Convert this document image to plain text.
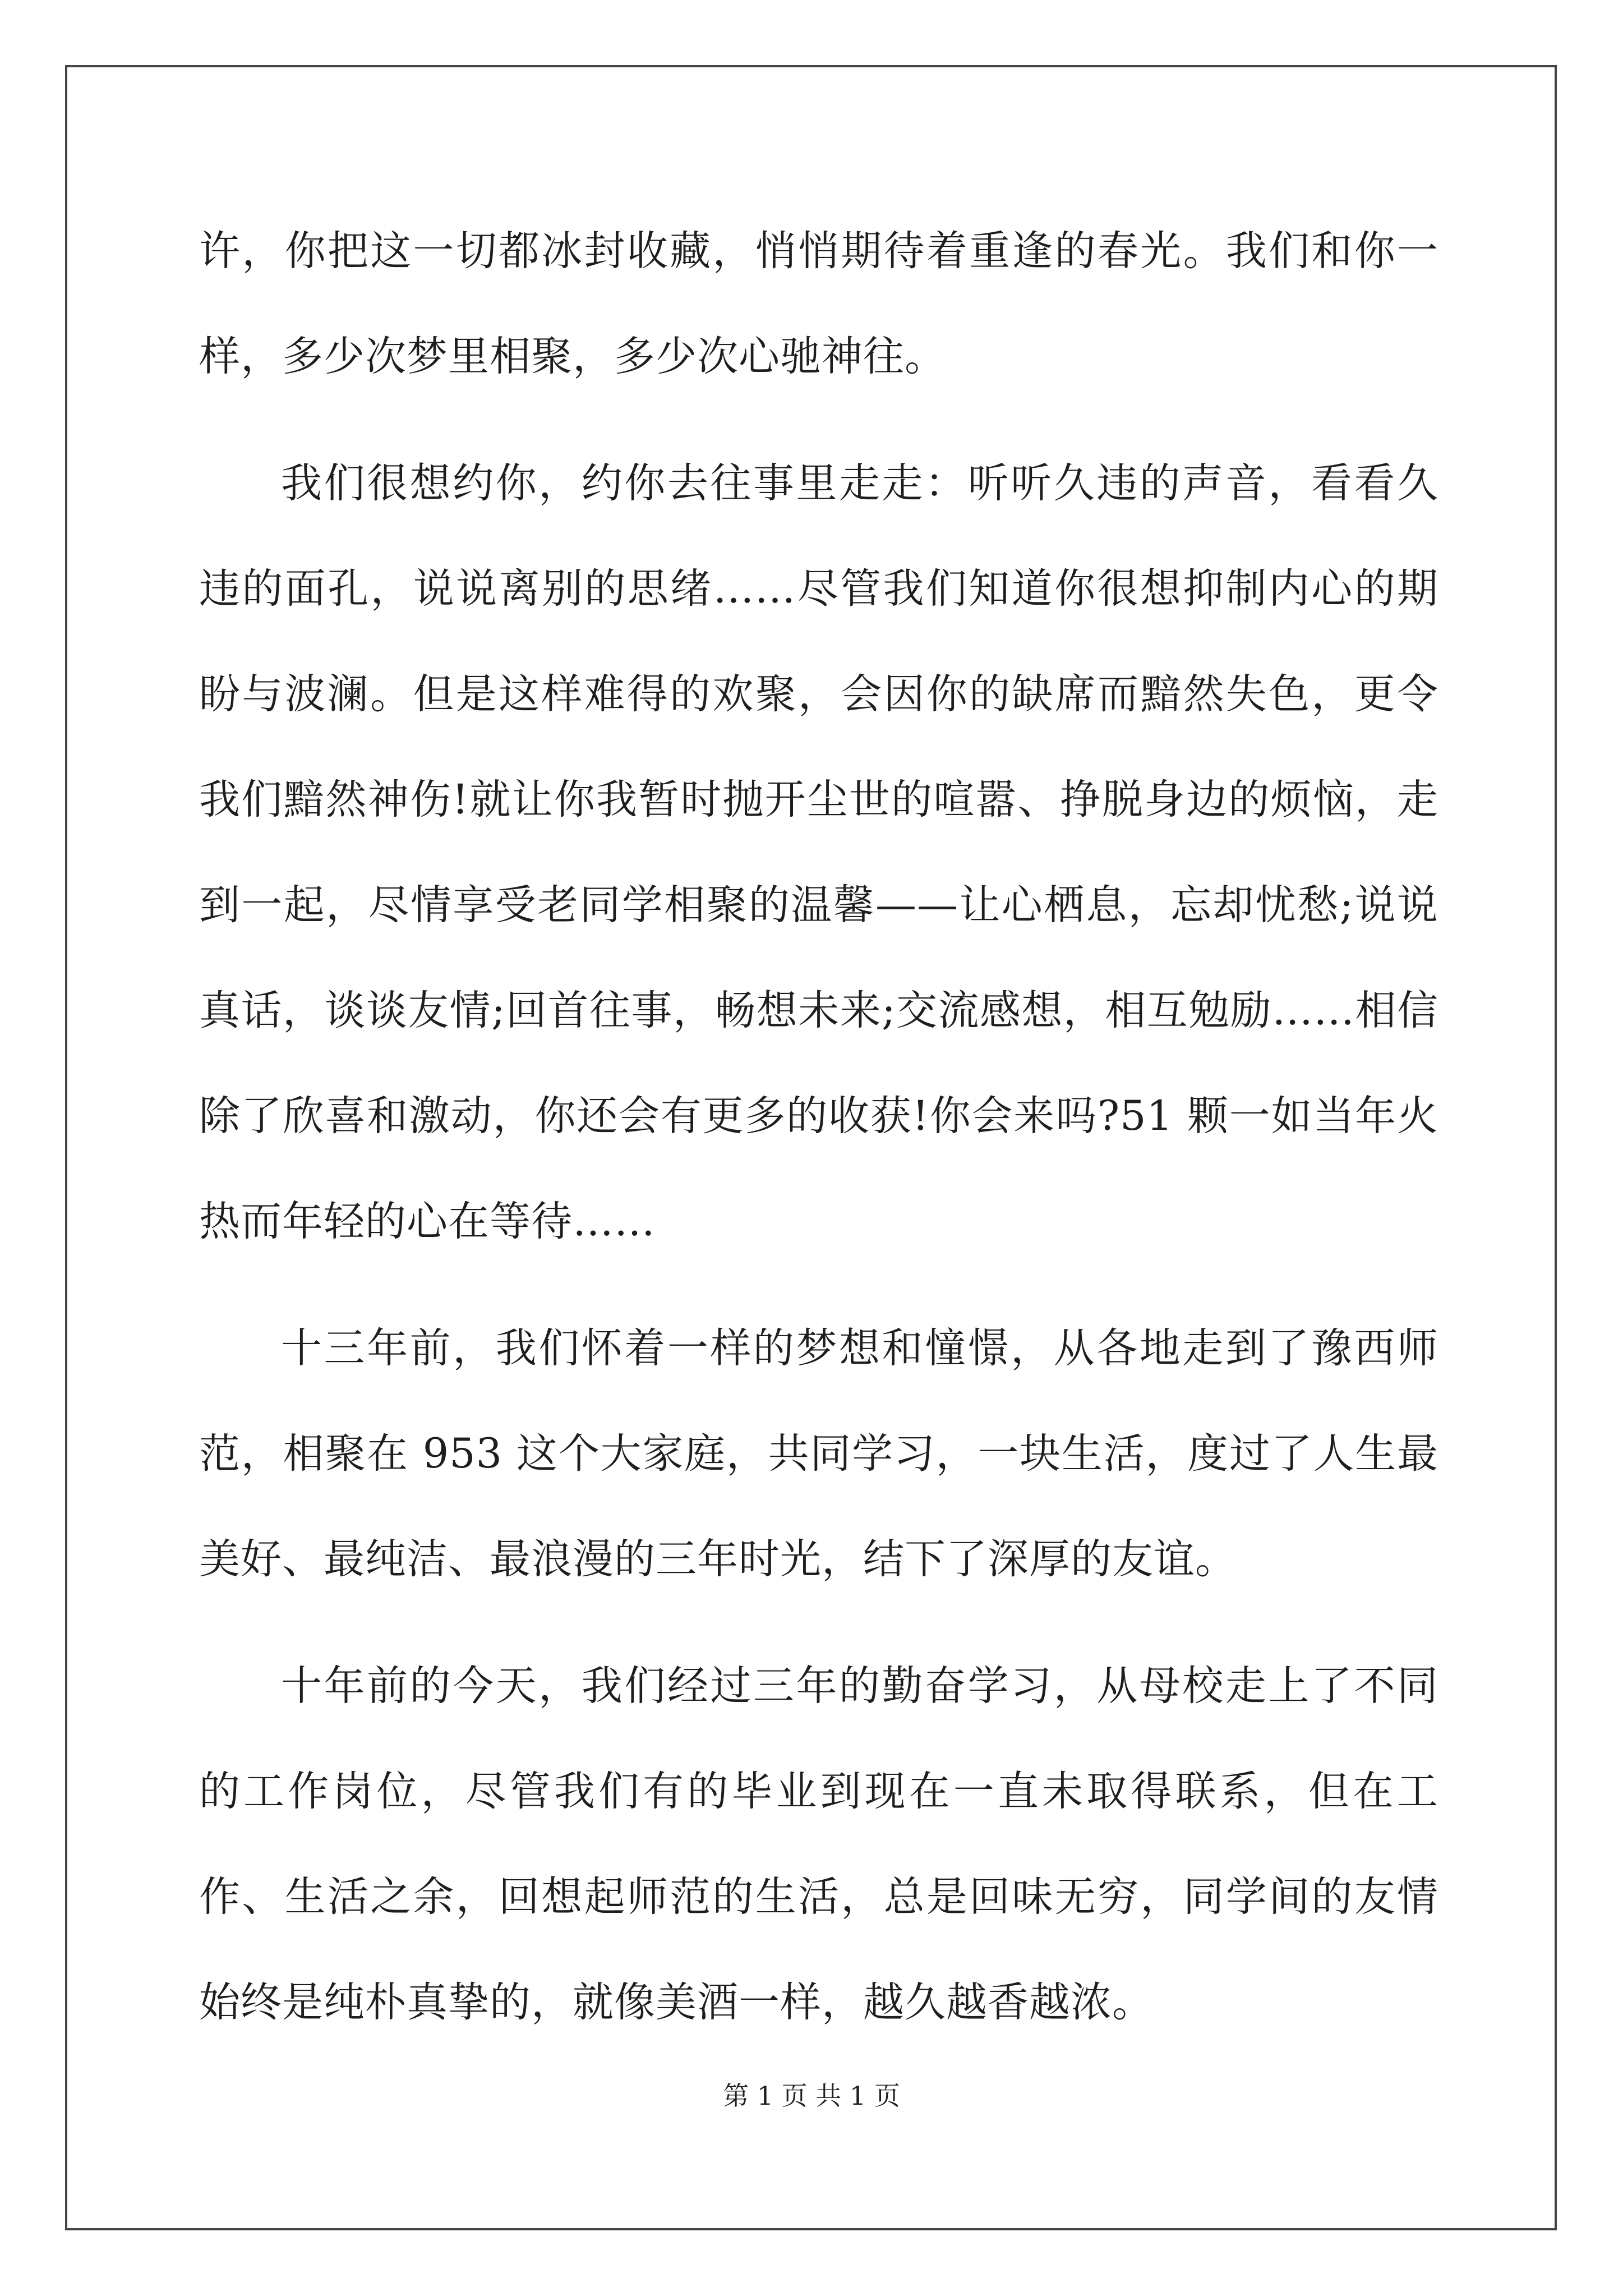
许，你把这一切都冰封收藏，悄悄期待着重逢的春光。我们和你一样，多少次梦里相聚，多少次心驰神往。

我们很想约你，约你去往事里走走：听听久违的声音，看看久违的面孔，说说离别的思绪……尽管我们知道你很想抑制内心的期盼与波澜。但是这样难得的欢聚，会因你的缺席而黯然失色，更令我们黯然神伤!就让你我暂时抛开尘世的喧嚣、挣脱身边的烦恼，走到一起，尽情享受老同学相聚的温馨——让心栖息，忘却忧愁;说说真话，谈谈友情;回首往事，畅想未来;交流感想，相互勉励……相信除了欣喜和激动，你还会有更多的收获!你会来吗?51 颗一如当年火热而年轻的心在等待……

十三年前，我们怀着一样的梦想和憧憬，从各地走到了豫西师范，相聚在 953 这个大家庭，共同学习，一块生活，度过了人生最美好、最纯洁、最浪漫的三年时光，结下了深厚的友谊。

十年前的今天，我们经过三年的勤奋学习，从母校走上了不同的工作岗位，尽管我们有的毕业到现在一直未取得联系，但在工作、生活之余，回想起师范的生活，总是回味无穷，同学间的友情始终是纯朴真挚的，就像美酒一样，越久越香越浓。

第 1 页 共 1 页
